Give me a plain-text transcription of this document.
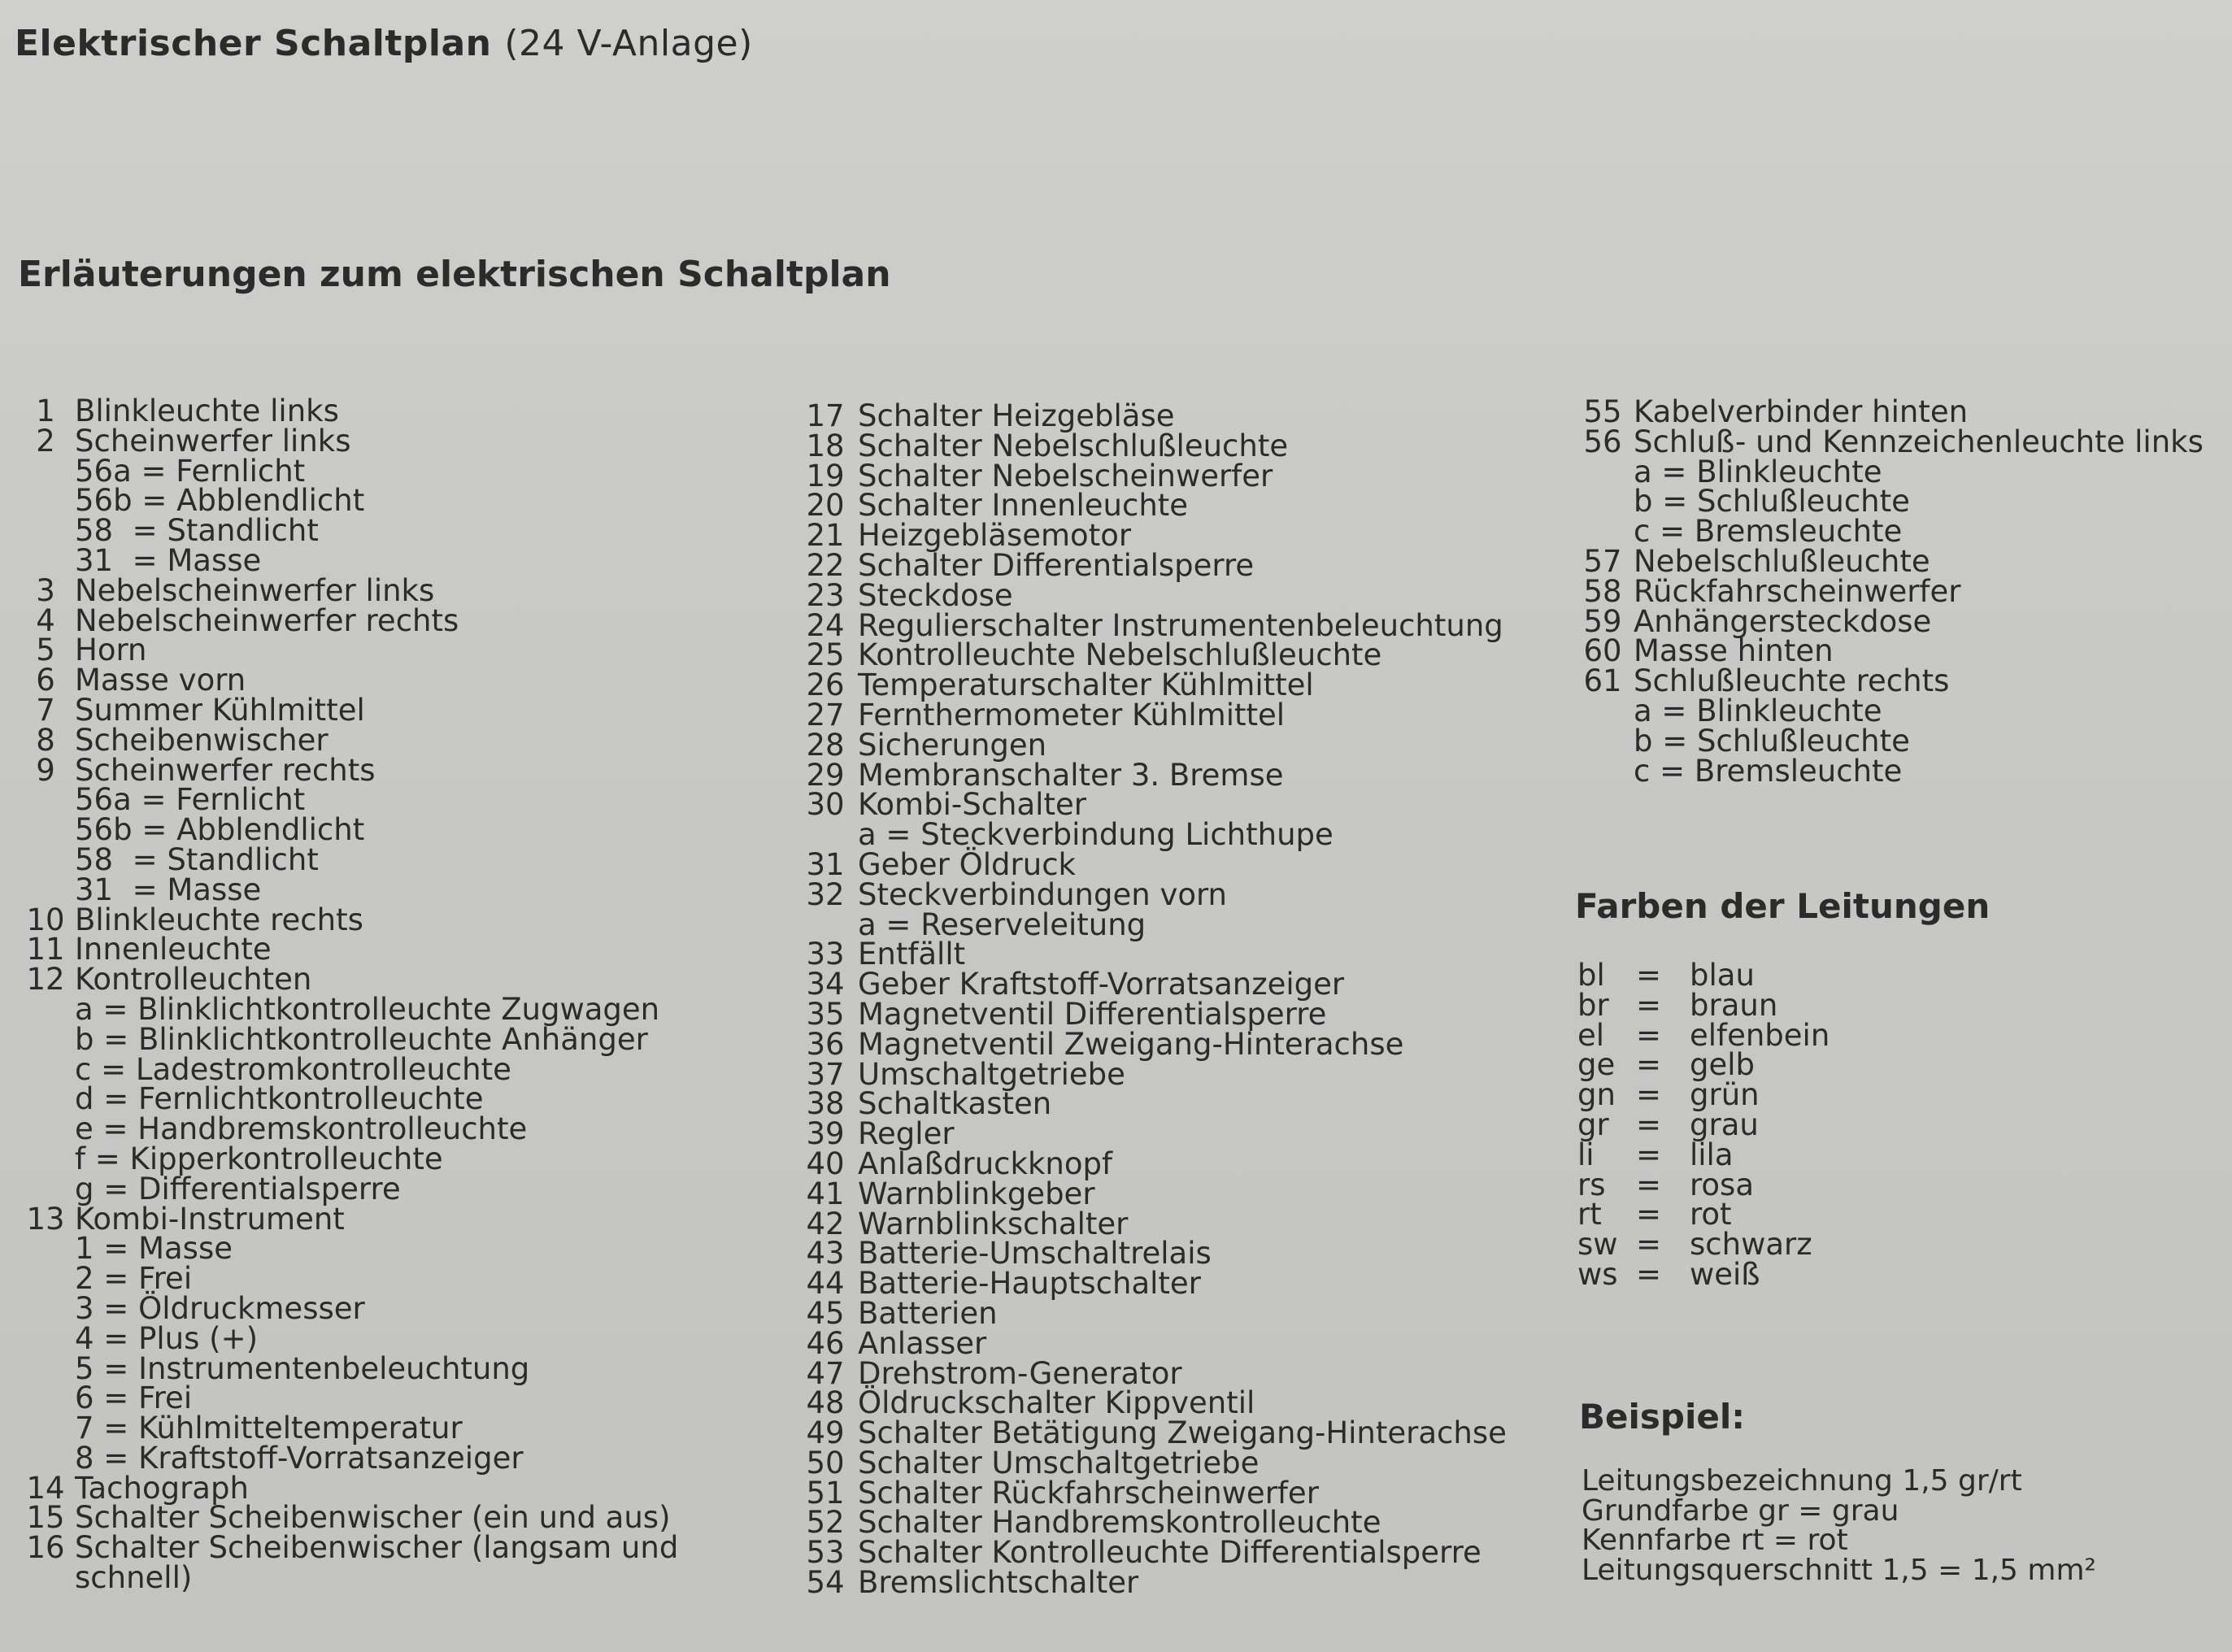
Elektrischer Schaltplan (24 V-Anlage)
Erläuterungen zum elektrischen Schaltplan
1 Blinkleuchte links
2 Scheinwerfer links
56a = Fernlicht
56b = Abblendlicht
58  = Standlicht
31  = Masse
3 Nebelscheinwerfer links
4 Nebelscheinwerfer rechts
5 Horn
6 Masse vorn
7 Summer Kühlmittel
8 Scheibenwischer
9 Scheinwerfer rechts
56a = Fernlicht
56b = Abblendlicht
58  = Standlicht
31  = Masse
10 Blinkleuchte rechts
11 Innenleuchte
12 Kontrolleuchten
a = Blinklichtkontrolleuchte Zugwagen
b = Blinklichtkontrolleuchte Anhänger
c = Ladestromkontrolleuchte
d = Fernlichtkontrolleuchte
e = Handbremskontrolleuchte
f = Kipperkontrolleuchte
g = Differentialsperre
13 Kombi-Instrument
1 = Masse
2 = Frei
3 = Öldruckmesser
4 = Plus (+)
5 = Instrumentenbeleuchtung
6 = Frei
7 = Kühlmitteltemperatur
8 = Kraftstoff-Vorratsanzeiger
14 Tachograph
15 Schalter Scheibenwischer (ein und aus)
16 Schalter Scheibenwischer (langsam und
schnell)
17 Schalter Heizgebläse
18 Schalter Nebelschlußleuchte
19 Schalter Nebelscheinwerfer
20 Schalter Innenleuchte
21 Heizgebläsemotor
22 Schalter Differentialsperre
23 Steckdose
24 Regulierschalter Instrumentenbeleuchtung
25 Kontrolleuchte Nebelschlußleuchte
26 Temperaturschalter Kühlmittel
27 Fernthermometer Kühlmittel
28 Sicherungen
29 Membranschalter 3. Bremse
30 Kombi-Schalter
a = Steckverbindung Lichthupe
31 Geber Öldruck
32 Steckverbindungen vorn
a = Reserveleitung
33 Entfällt
34 Geber Kraftstoff-Vorratsanzeiger
35 Magnetventil Differentialsperre
36 Magnetventil Zweigang-Hinterachse
37 Umschaltgetriebe
38 Schaltkasten
39 Regler
40 Anlaßdruckknopf
41 Warnblinkgeber
42 Warnblinkschalter
43 Batterie-Umschaltrelais
44 Batterie-Hauptschalter
45 Batterien
46 Anlasser
47 Drehstrom-Generator
48 Öldruckschalter Kippventil
49 Schalter Betätigung Zweigang-Hinterachse
50 Schalter Umschaltgetriebe
51 Schalter Rückfahrscheinwerfer
52 Schalter Handbremskontrolleuchte
53 Schalter Kontrolleuchte Differentialsperre
54 Bremslichtschalter
55 Kabelverbinder hinten
56 Schluß- und Kennzeichenleuchte links
a = Blinkleuchte
b = Schlußleuchte
c = Bremsleuchte
57 Nebelschlußleuchte
58 Rückfahrscheinwerfer
59 Anhängersteckdose
60 Masse hinten
61 Schlußleuchte rechts
a = Blinkleuchte
b = Schlußleuchte
c = Bremsleuchte
Farben der Leitungen
bl	= blau
br = braun
el	= elfenbein
ge = gelb
gn = grün
gr = grau
li	= lila
rs	= rosa
rt	= rot
sw = schwarz
ws = weiß
Beispiel:
Leitungsbezeichnung 1,5 gr/rt
Grundfarbe gr = grau
Kennfarbe rt = rot
Leitungsquerschnitt 1,5 = 1,5 mm²
